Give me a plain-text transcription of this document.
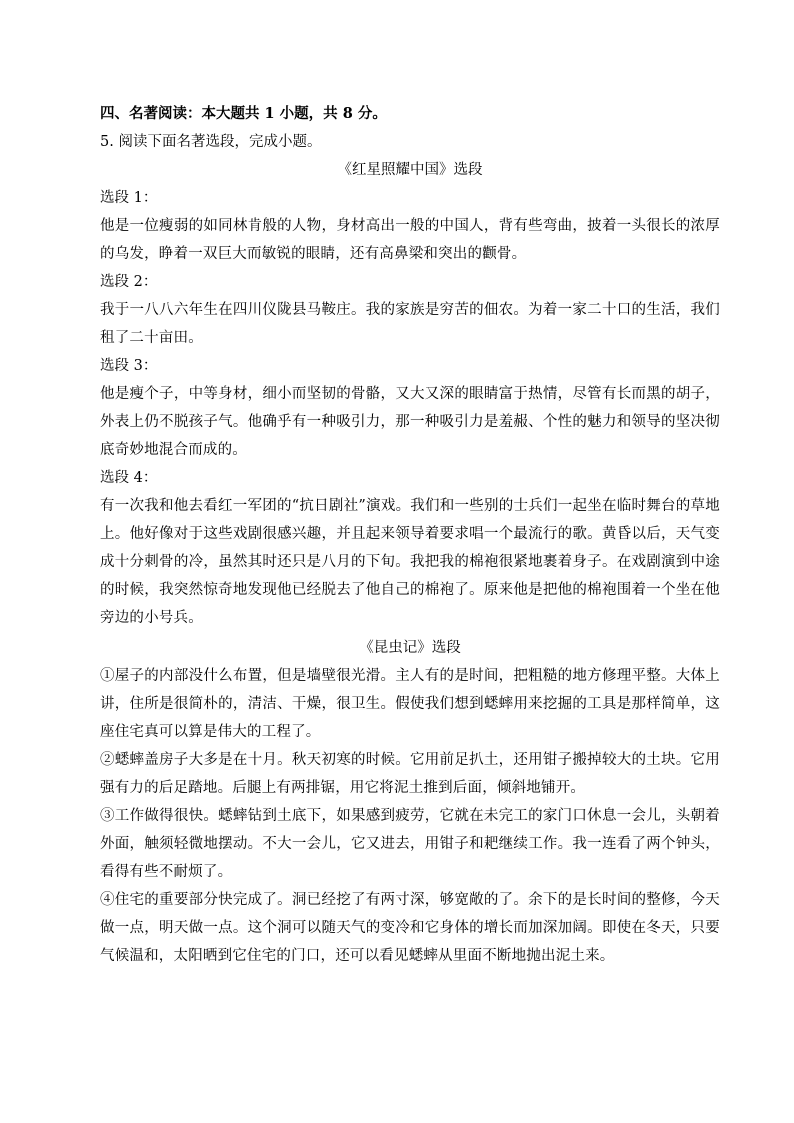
四、名著阅读：本大题共 1 小题，共 8 分。

5. 阅读下面名著选段，完成小题。

《红星照耀中国》选段

选段 1：

他是一位瘦弱的如同林肯般的人物，身材高出一般的中国人，背有些弯曲，披着一头很长的浓厚的乌发，睁着一双巨大而敏锐的眼睛，还有高鼻梁和突出的颧骨。

选段 2：

我于一八八六年生在四川仪陇县马鞍庄。我的家族是穷苦的佃农。为着一家二十口的生活，我们租了二十亩田。

选段 3：

他是瘦个子，中等身材，细小而坚韧的骨骼，又大又深的眼睛富于热情，尽管有长而黑的胡子，外表上仍不脱孩子气。他确乎有一种吸引力，那一种吸引力是羞赧、个性的魅力和领导的坚决彻底奇妙地混合而成的。

选段 4：

有一次我和他去看红一军团的“抗日剧社”演戏。我们和一些别的士兵们一起坐在临时舞台的草地上。他好像对于这些戏剧很感兴趣，并且起来领导着要求唱一个最流行的歌。黄昏以后，天气变成十分刺骨的冷，虽然其时还只是八月的下旬。我把我的棉袍很紧地裹着身子。在戏剧演到中途的时候，我突然惊奇地发现他已经脱去了他自己的棉袍了。原来他是把他的棉袍围着一个坐在他旁边的小号兵。

《昆虫记》选段

①屋子的内部没什么布置，但是墙壁很光滑。主人有的是时间，把粗糙的地方修理平整。大体上讲，住所是很简朴的，清洁、干燥，很卫生。假使我们想到蟋蟀用来挖掘的工具是那样简单，这座住宅真可以算是伟大的工程了。

②蟋蟀盖房子大多是在十月。秋天初寒的时候。它用前足扒土，还用钳子搬掉较大的土块。它用强有力的后足踏地。后腿上有两排锯，用它将泥土推到后面，倾斜地铺开。

③工作做得很快。蟋蟀钻到土底下，如果感到疲劳，它就在未完工的家门口休息一会儿，头朝着外面，触须轻微地摆动。不大一会儿，它又进去，用钳子和耙继续工作。我一连看了两个钟头，看得有些不耐烦了。

④住宅的重要部分快完成了。洞已经挖了有两寸深，够宽敞的了。余下的是长时间的整修，今天做一点，明天做一点。这个洞可以随天气的变冷和它身体的增长而加深加阔。即使在冬天，只要气候温和，太阳晒到它住宅的门口，还可以看见蟋蟀从里面不断地抛出泥土来。
